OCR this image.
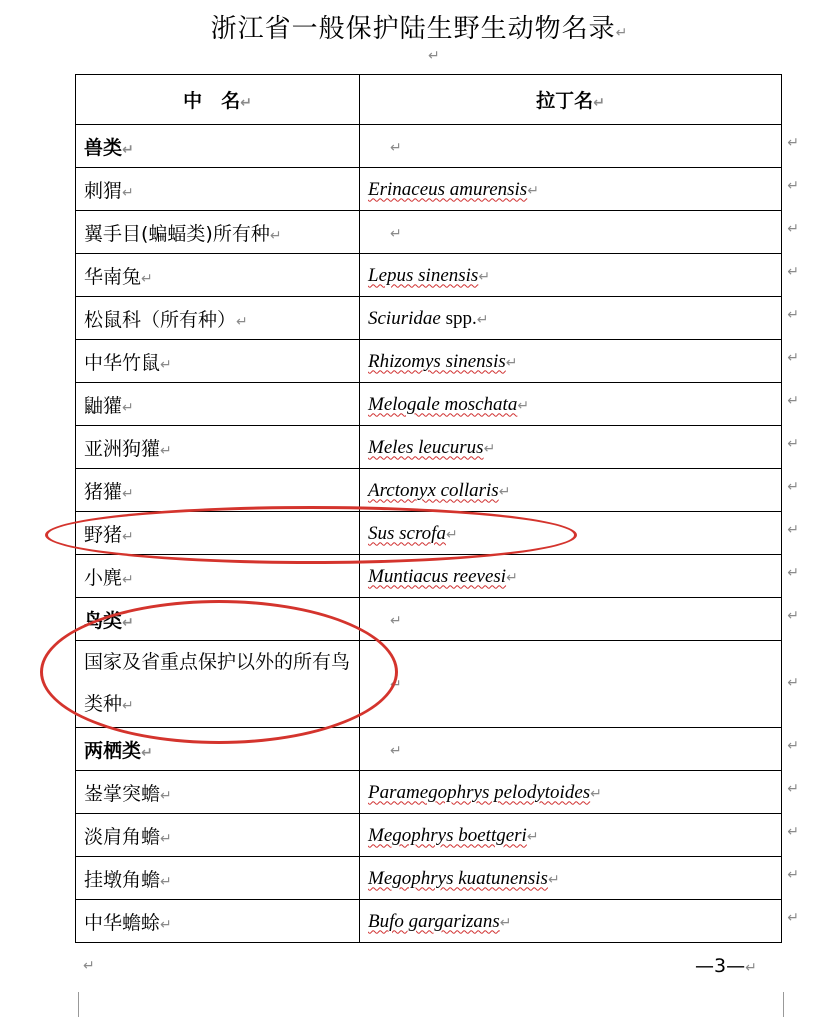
浙江省一般保护陆生野生动物名录↵
↵
中　名↵	拉丁名↵
兽类↵	↵ ↵

刺猬↵	Erinaceus amurensis↵ ↵

翼手目(蝙蝠类)所有种↵	↵ ↵

华南兔↵	Lepus sinensis↵ ↵

松鼠科（所有种）↵	Sciuridae spp.↵ ↵

中华竹鼠↵	Rhizomys sinensis↵ ↵

鼬獾↵	Melogale moschata↵ ↵

亚洲狗獾↵	Meles leucurus↵ ↵

猪獾↵	Arctonyx collaris↵ ↵

野猪↵	Sus scrofa↵ ↵

小麂↵	Muntiacus reevesi↵ ↵

鸟类↵	↵ ↵

国家及省重点保护以外的所有鸟类种↵	↵ ↵

两栖类↵	↵ ↵

崟掌突蟾↵	Paramegophrys pelodytoides↵ ↵

淡肩角蟾↵	Megophrys boettgeri↵ ↵

挂墩角蟾↵	Megophrys kuatunensis↵ ↵

中华蟾蜍↵	Bufo gargarizans↵ ↵
↵	—3—↵
